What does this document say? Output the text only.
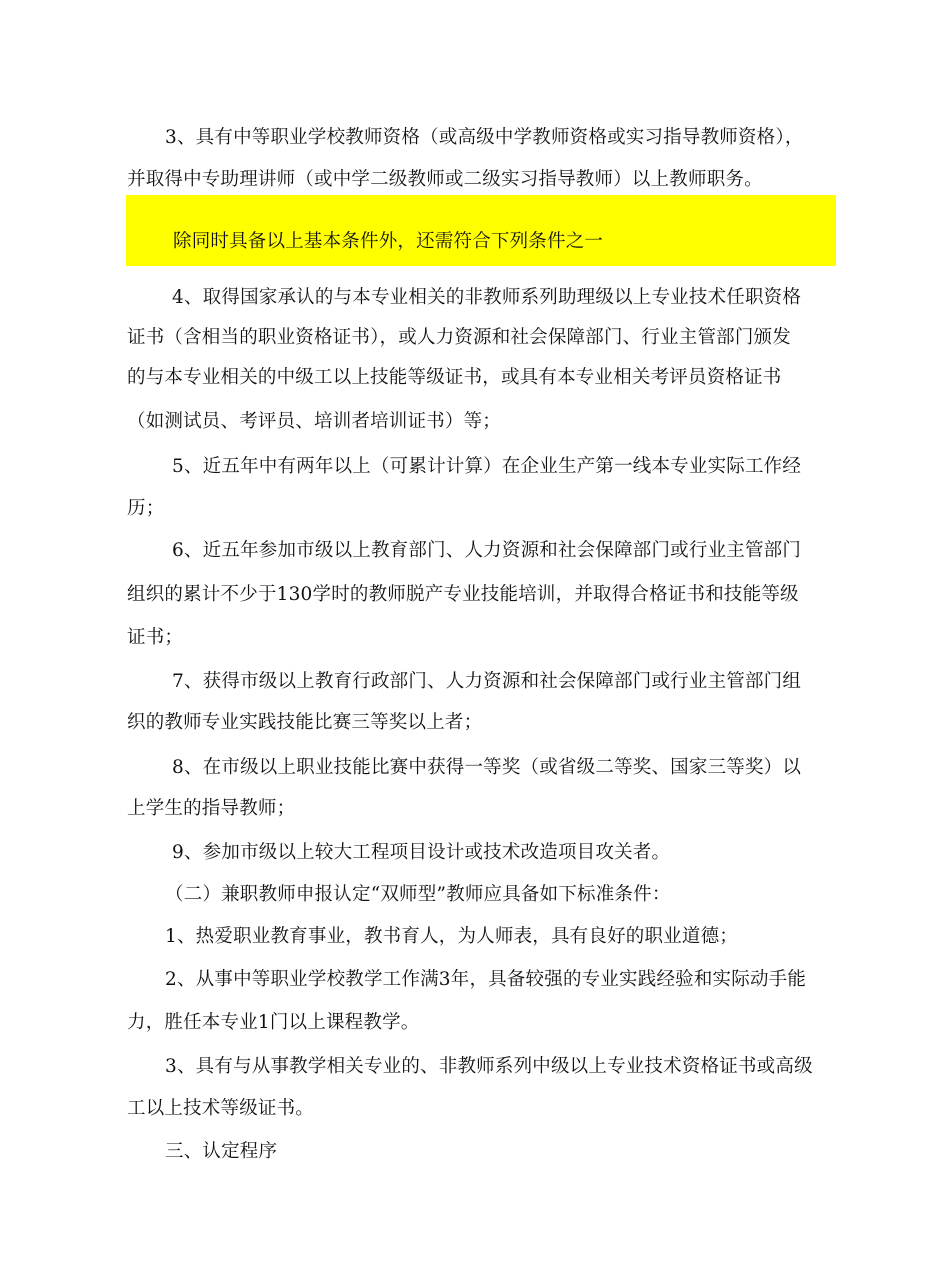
3、具有中等职业学校教师资格（或高级中学教师资格或实习指导教师资格），
并取得中专助理讲师（或中学二级教师或二级实习指导教师）以上教师职务。
除同时具备以上基本条件外，还需符合下列条件之一
4、取得国家承认的与本专业相关的非教师系列助理级以上专业技术任职资格
证书（含相当的职业资格证书），或人力资源和社会保障部门、行业主管部门颁发
的与本专业相关的中级工以上技能等级证书，或具有本专业相关考评员资格证书
（如测试员、考评员、培训者培训证书）等；
5、近五年中有两年以上（可累计计算）在企业生产第一线本专业实际工作经
历；
6、近五年参加市级以上教育部门、人力资源和社会保障部门或行业主管部门
组织的累计不少于130学时的教师脱产专业技能培训，并取得合格证书和技能等级
证书；
7、获得市级以上教育行政部门、人力资源和社会保障部门或行业主管部门组
织的教师专业实践技能比赛三等奖以上者；
8、在市级以上职业技能比赛中获得一等奖（或省级二等奖、国家三等奖）以
上学生的指导教师；
9、参加市级以上较大工程项目设计或技术改造项目攻关者。
（二）兼职教师申报认定“双师型”教师应具备如下标准条件：
1、热爱职业教育事业，教书育人，为人师表，具有良好的职业道德；
2、从事中等职业学校教学工作满3年，具备较强的专业实践经验和实际动手能
力，胜任本专业1门以上课程教学。
3、具有与从事教学相关专业的、非教师系列中级以上专业技术资格证书或高级
工以上技术等级证书。
三、认定程序
